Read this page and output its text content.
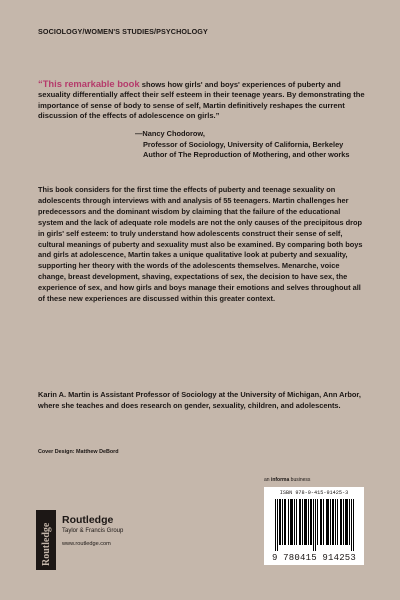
SOCIOLOGY/WOMEN'S STUDIES/PSYCHOLOGY
“This remarkable book shows how girls' and boys' experiences of puberty and sexuality differentially affect their self esteem in their teenage years. By demonstrating the importance of sense of body to sense of self, Martin definitively reshapes the current discussion of the effects of adolescence on girls.”
—Nancy Chodorow,
Professor of Sociology, University of California, Berkeley
Author of The Reproduction of Mothering, and other works
This book considers for the first time the effects of puberty and teenage sexuality on adolescents through interviews with and analysis of 55 teenagers. Martin challenges her predecessors and the dominant wisdom by claiming that the failure of the educational system and the lack of adequate role models are not the only causes of the precipitous drop in girls' self esteem: to truly understand how adolescents construct their sense of self, cultural meanings of puberty and sexuality must also be examined. By comparing both boys and girls at adolescence, Martin takes a unique qualitative look at puberty and sexuality, supporting her theory with the words of the adolescents themselves. Menarche, voice change, breast development, shaving, expectations of sex, the decision to have sex, the experience of sex, and how girls and boys manage their emotions and selves throughout all of these new experiences are discussed within this greater context.
Karin A. Martin is Assistant Professor of Sociology at the University of Michigan, Ann Arbor, where she teaches and does research on gender, sexuality, children, and adolescents.
Cover Design: Matthew DeBord
an informa business
ISBN 978-0-415-91425-3
9 780415 914253
Routledge
Routledge
Taylor & Francis Group
www.routledge.com
